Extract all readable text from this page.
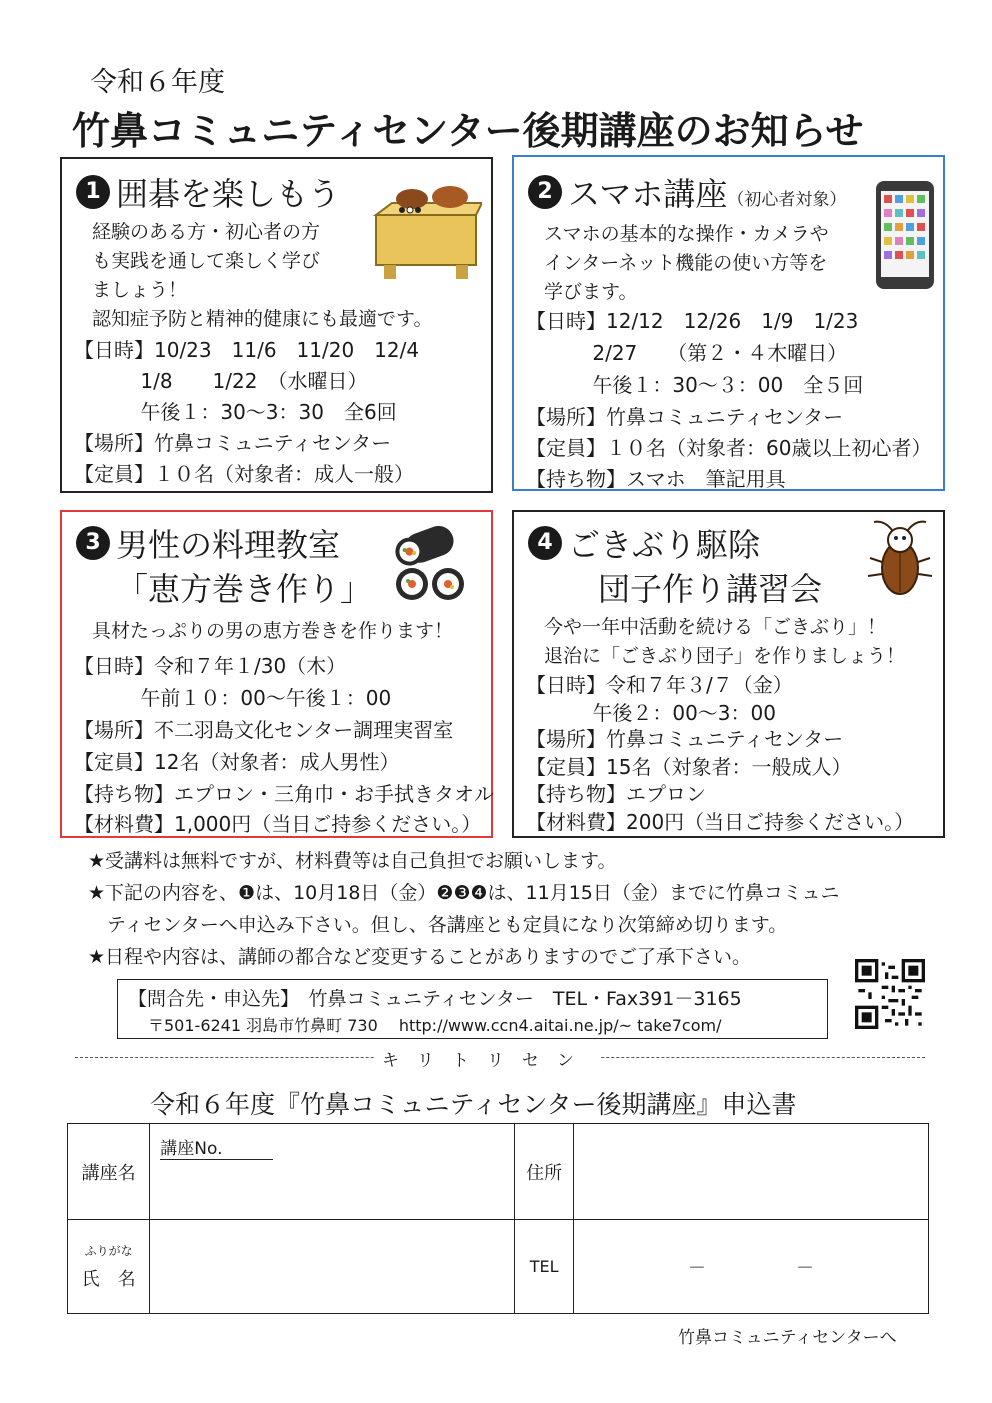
令和６年度
竹鼻コミュニティセンター後期講座のお知らせ
1 囲碁を楽しもう
経験のある方・初心者の方
も実践を通して楽しく学び
ましょう！
認知症予防と精神的健康にも最適です。
【日時】10/23　11/6　11/20　12/4
　　　 1/8　　1/22　（水曜日）
　　　 午後１：30〜3：30　全6回
【場所】竹鼻コミュニティセンター
【定員】１０名（対象者：成人一般）
2 スマホ講座（初心者対象）
スマホの基本的な操作・カメラや
インターネット機能の使い方等を
学びます。
【日時】12/12　12/26　1/9　1/23
　　　 2/27　　（第２・４木曜日）
　　　 午後１：30〜３：00　全５回
【場所】竹鼻コミュニティセンター
【定員】１０名（対象者：60歳以上初心者）
【持ち物】スマホ　筆記用具
3 男性の料理教室
「恵方巻き作り」
具材たっぷりの男の恵方巻きを作ります！
【日時】令和７年１/30（木）
　　　 午前１０：00〜午後１：00
【場所】不二羽島文化センター調理実習室
【定員】12名（対象者：成人男性）
【持ち物】エプロン・三角巾・お手拭きタオル
【材料費】1,000円（当日ご持参ください。）
4 ごきぶり駆除
団子作り講習会
今や一年中活動を続ける「ごきぶり」！
退治に「ごきぶり団子」を作りましょう！
【日時】令和７年３/７（金）
　　　 午後２：00〜3：00
【場所】竹鼻コミュニティセンター
【定員】15名（対象者：一般成人）
【持ち物】エプロン
【材料費】200円（当日ご持参ください。）
★受講料は無料ですが、材料費等は自己負担でお願いします。
★下記の内容を、❶は、10月18日（金）❷❸❹は、11月15日（金）までに竹鼻コミュニ
　ティセンターへ申込み下さい。但し、各講座とも定員になり次第締め切ります。
★日程や内容は、講師の都合など変更することがありますのでご了承下さい。
【問合先・申込先】　竹鼻コミュニティセンター　TEL・Fax391－3165
〒501-6241 羽島市竹鼻町 730　 http://www.ccn4.aitai.ne.jp/~ take7com/
キリトリセン
令和６年度『竹鼻コミュニティセンター後期講座』申込書
講座名	講座No.	住所	

ふりがな
氏　名		TEL	－　　　　　－
竹鼻コミュニティセンターへ
